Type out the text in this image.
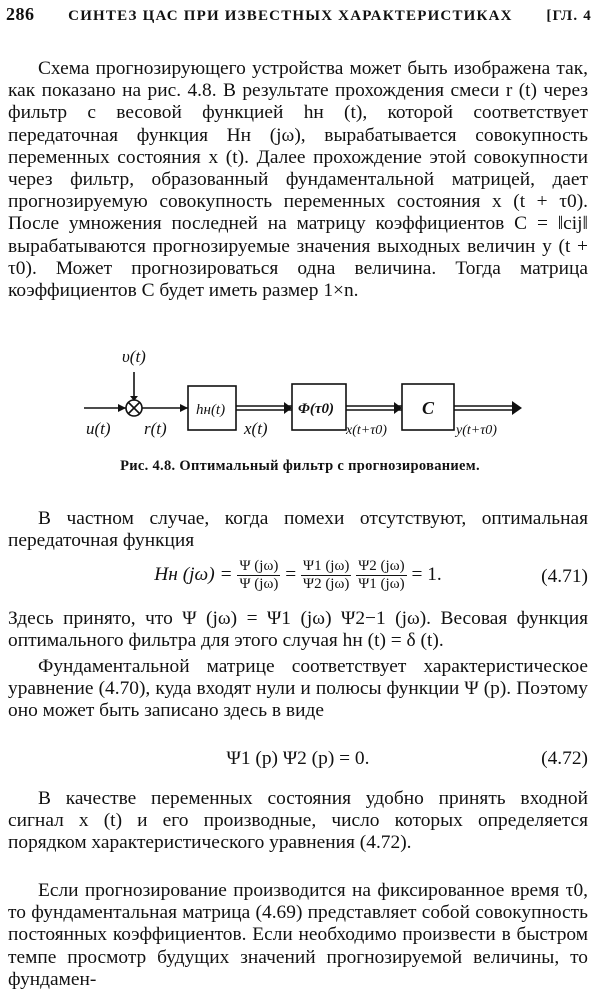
286 СИНТЕЗ ЦАС ПРИ ИЗВЕСТНЫХ ХАРАКТЕРИСТИКАХ [ГЛ. 4
Схема прогнозирующего устройства может быть изображена так, как показано на рис. 4.8. В результате прохождения смеси r (t) через фильтр с весовой функцией hн (t), которой соответствует передаточная функция Hн (jω), вырабатывается совокупность переменных состояния x (t). Далее прохождение этой совокупности через фильтр, образованный фундаментальной матрицей, дает прогнозируемую совокупность переменных состояния x (t + τ0). После умножения последней на матрицу коэффициентов C = ‖cij‖ вырабатываются прогнозируемые значения выходных величин y (t + τ0). Может прогнозироваться одна величина. Тогда матрица коэффициентов C будет иметь размер 1×n.
υ(t)
u(t) r(t)
hн(t)
x(t)
Φ(τ0)
x(t+τ0)
C
y(t+τ0)
Рис. 4.8. Оптимальный фильтр с прогнозированием.
В частном случае, когда помехи отсутствуют, оптимальная передаточная функция
Hн $(j\omega) = \frac{\Psi (j\omega)}{\Psi (j\omega)} = \frac{\Psi 1 (j\omega)}{\Psi 2 (j\omega)}$
$\frac{\Psi 2 (j\omega)}{\Psi 1 (j\omega)} = 1$.	(4.71)
Здесь принято, что Ψ (jω) = Ψ1 (jω) Ψ2−1 (jω). Весовая функция оптимального фильтра для этого случая hн (t) = δ (t).
Фундаментальной матрице соответствует характеристическое уравнение (4.70), куда входят нули и полюсы функции Ψ (p). Поэтому оно может быть записано здесь в виде
Ψ1 (p) Ψ2 (p) = 0.	(4.72)
В качестве переменных состояния удобно принять входной сигнал x (t) и его производные, число которых определяется порядком характеристического уравнения (4.72).
Если прогнозирование производится на фиксированное время τ0, то фундаментальная матрица (4.69) представляет собой совокупность постоянных коэффициентов. Если необходимо произвести в быстром темпе просмотр будущих значений прогнозируемой величины, то фундамен-
